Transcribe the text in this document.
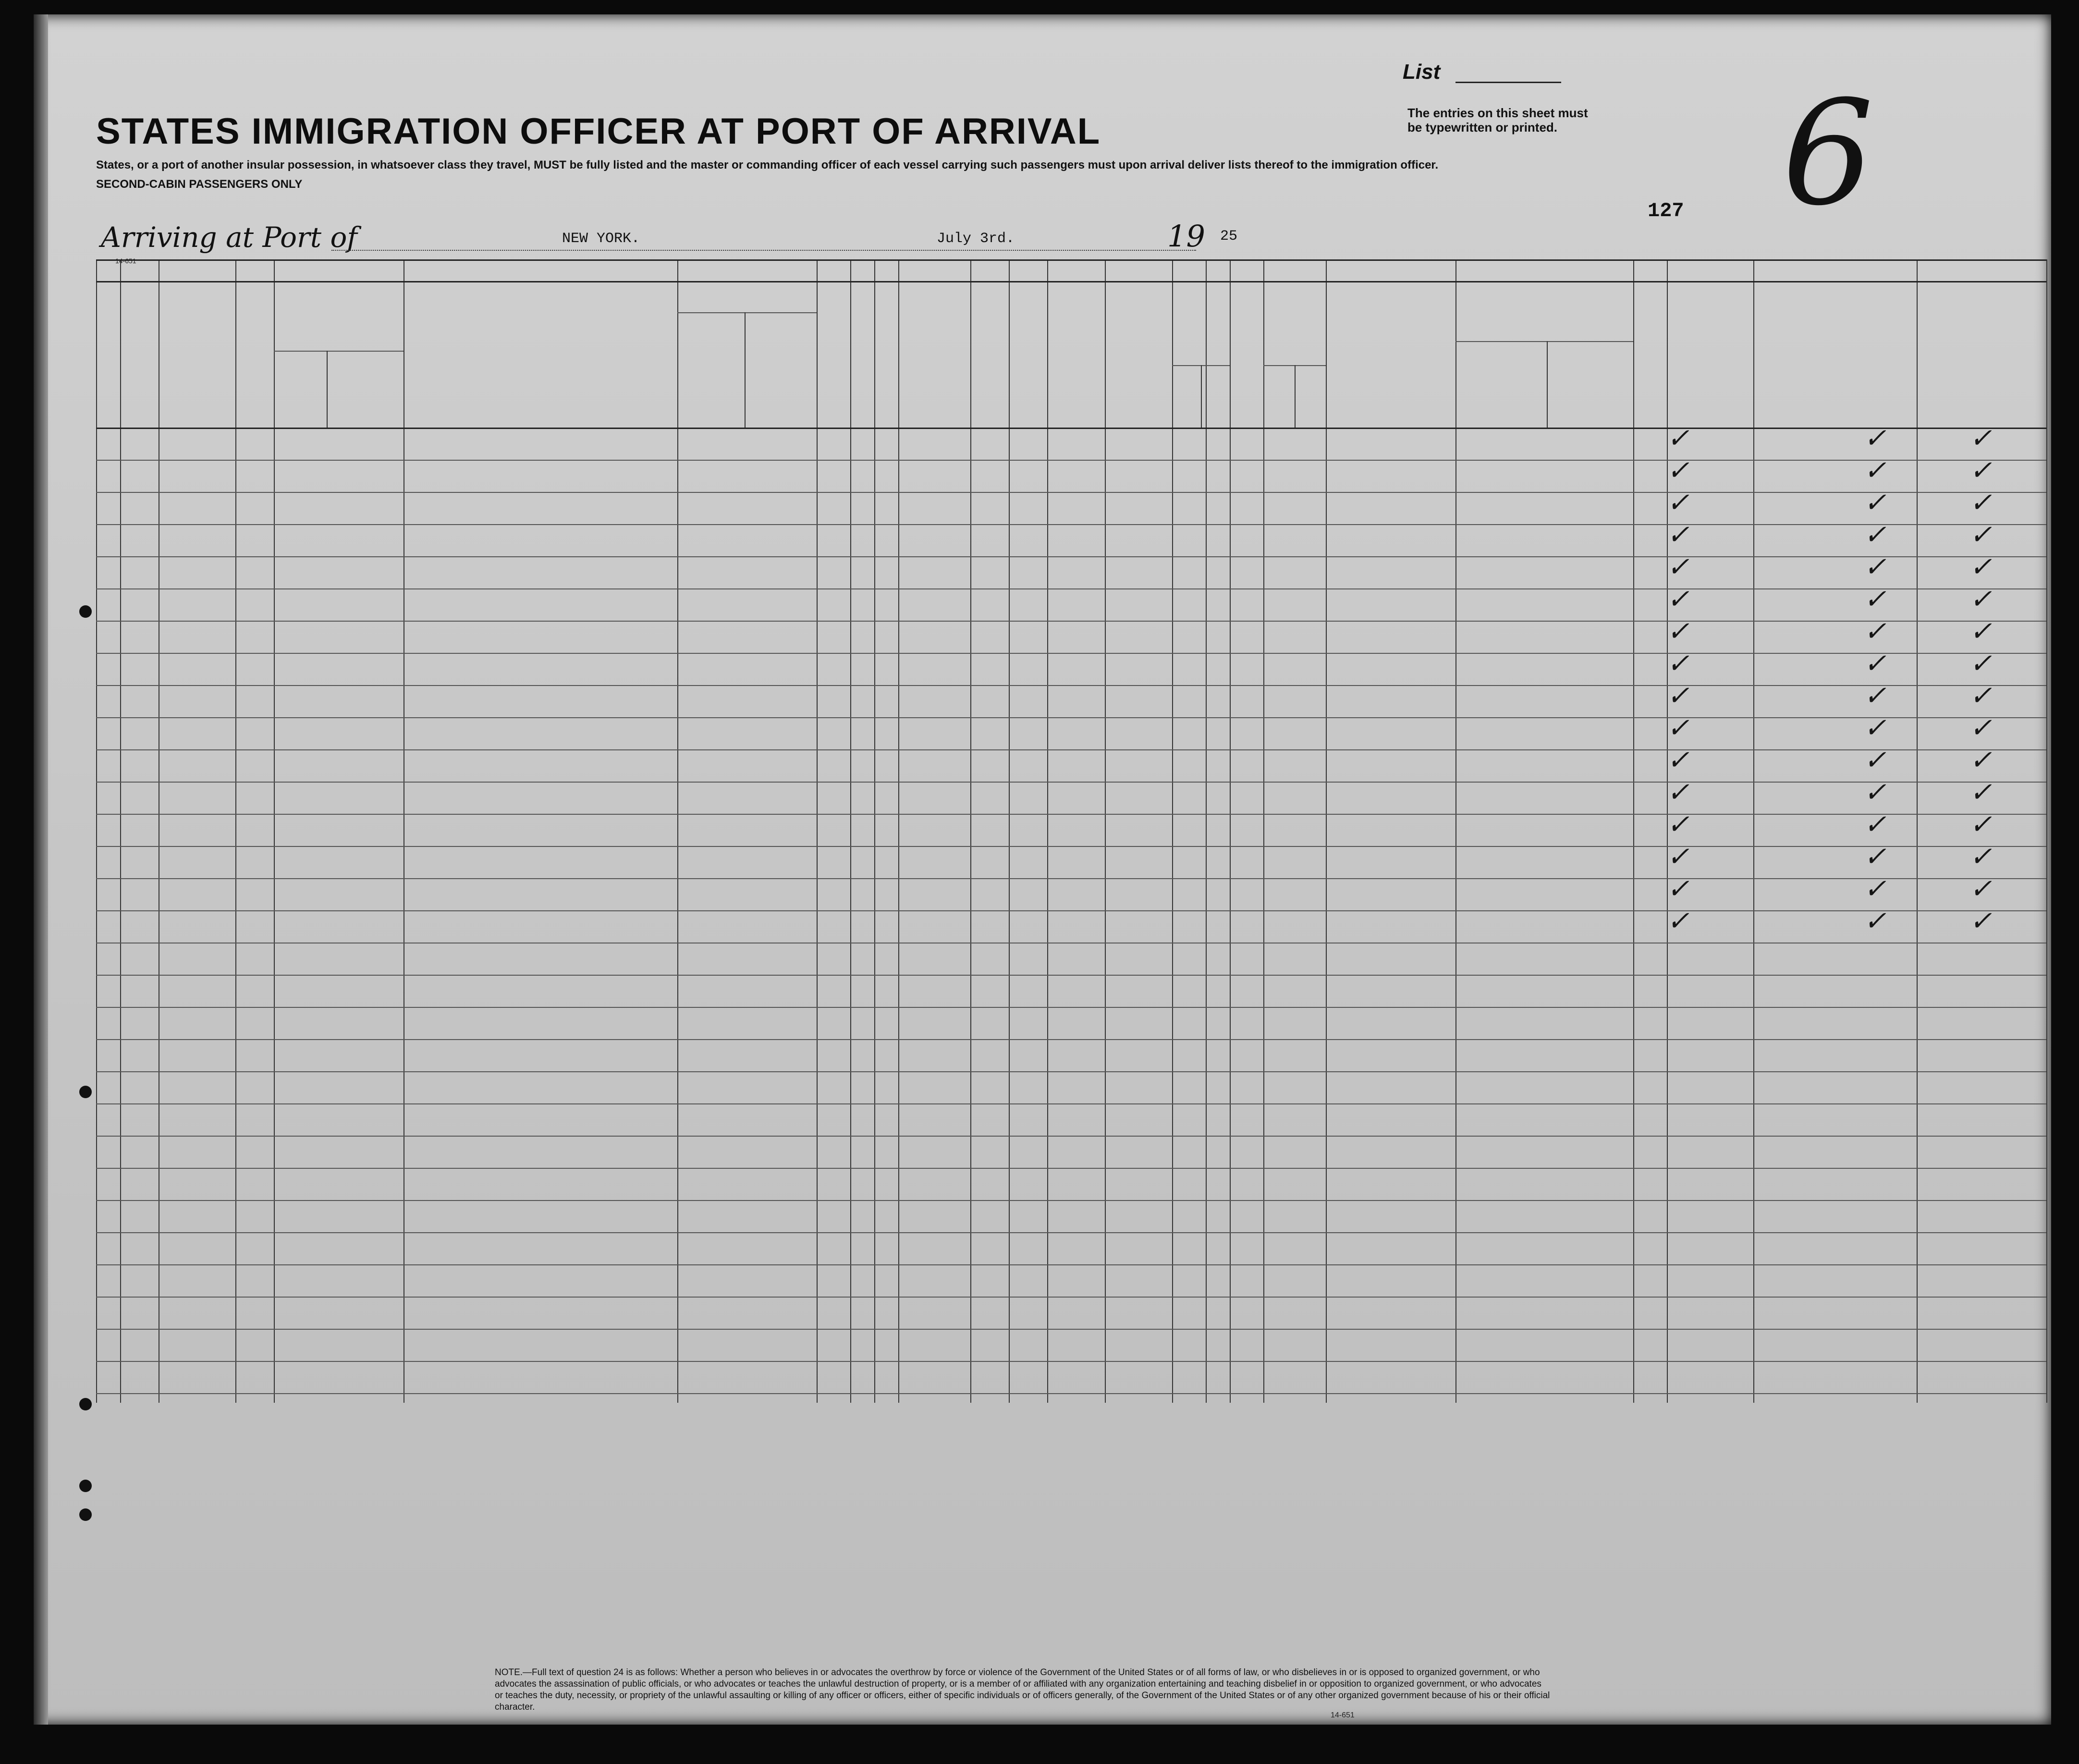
List
The entries on this sheet must be typewritten or printed. 6
STATES IMMIGRATION OFFICER AT PORT OF ARRIVAL
States, or a port of another insular possession, in whatsoever class they travel, MUST be fully listed and the master or commanding officer of each vessel carrying such passengers must upon arrival deliver lists thereof to the immigration officer.
SECOND-CABIN PASSENGERS ONLY
Arriving at Port of	NEW YORK.	July 3rd.	19 25
127
14-651
✓	✓	✓
✓	✓	✓
✓	✓	✓
✓	✓	✓
✓	✓	✓
✓	✓	✓
✓	✓	✓
✓	✓	✓
✓	✓	✓
✓	✓	✓
✓	✓	✓
✓	✓	✓
✓	✓	✓
✓	✓	✓
✓	✓	✓
✓	✓	✓
NOTE.—Full text of question 24 is as follows: Whether a person who believes in or advocates the overthrow by force or violence of the Government of the United States or of all forms of law, or who disbelieves in or is opposed to organized government, or who advocates the assassination of public officials, or who advocates or teaches the unlawful destruction of property, or is a member of or affiliated with any organization entertaining and teaching disbelief in or opposition to organized government, or who advocates or teaches the duty, necessity, or propriety of the unlawful assaulting or killing of any officer or officers, either of specific individuals or of officers generally, of the Government of the United States or of any other organized government because of his or their official character.
14-651
